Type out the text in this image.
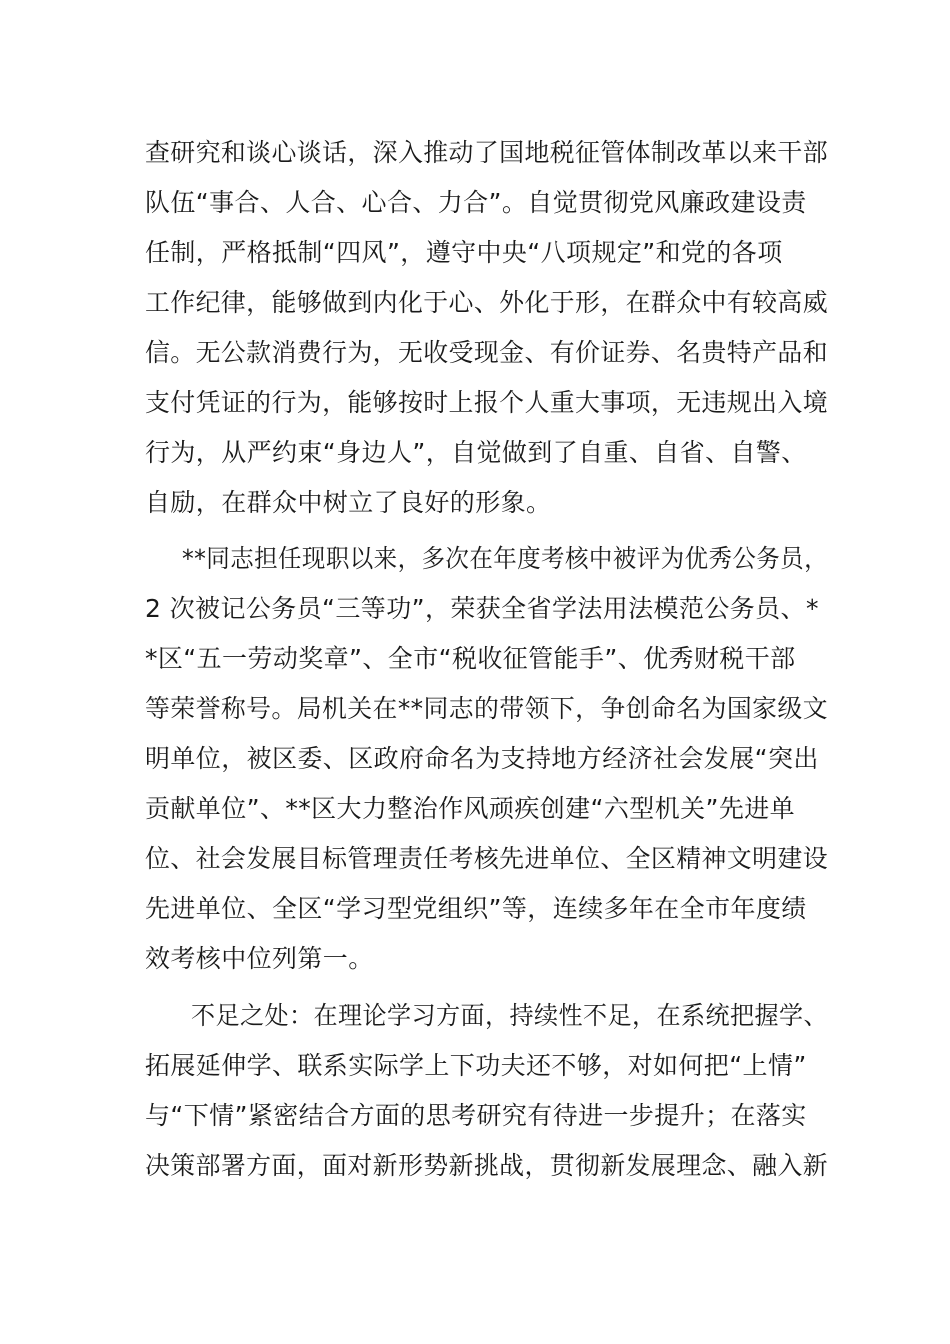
查研究和谈心谈话，深入推动了国地税征管体制改革以来干部
队伍“事合、人合、心合、力合”。自觉贯彻党风廉政建设责
任制，严格抵制“四风”，遵守中央“八项规定”和党的各项
工作纪律，能够做到内化于心、外化于形，在群众中有较高威
信。无公款消费行为，无收受现金、有价证券、名贵特产品和
支付凭证的行为，能够按时上报个人重大事项，无违规出入境
行为，从严约束“身边人”，自觉做到了自重、自省、自警、
自励，在群众中树立了良好的形象。
**同志担任现职以来，多次在年度考核中被评为优秀公务员，
2 次被记公务员“三等功”，荣获全省学法用法模范公务员、*
*区“五一劳动奖章”、全市“税收征管能手”、优秀财税干部
等荣誉称号。局机关在**同志的带领下，争创命名为国家级文
明单位，被区委、区政府命名为支持地方经济社会发展“突出
贡献单位”、**区大力整治作风顽疾创建“六型机关”先进单
位、社会发展目标管理责任考核先进单位、全区精神文明建设
先进单位、全区“学习型党组织”等，连续多年在全市年度绩
效考核中位列第一。
不足之处：在理论学习方面，持续性不足，在系统把握学、
拓展延伸学、联系实际学上下功夫还不够，对如何把“上情”
与“下情”紧密结合方面的思考研究有待进一步提升；在落实
决策部署方面，面对新形势新挑战，贯彻新发展理念、融入新
